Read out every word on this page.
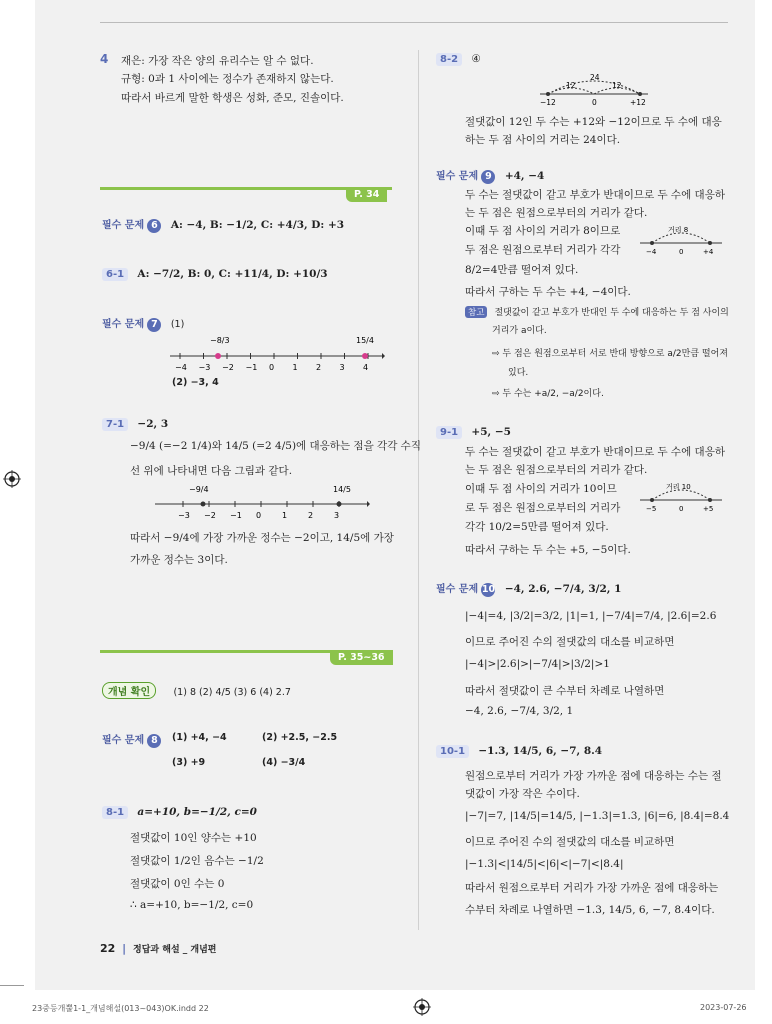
4 재은: 가장 작은 양의 유리수는 알 수 없다.
규형: 0과 1 사이에는 정수가 존재하지 않는다.
따라서 바르게 말한 학생은 성화, 준모, 진솔이다.
P. 34
필수 문제 6 A: −4, B: −1/2, C: +4/3, D: +3
6-1 A: −7/2, B: 0, C: +11/4, D: +10/3
필수 문제 7 (1)
−4 −3 −2 −1 0 1 2 3 4
−8/3	15/4
(2) −3, 4
7-1 −2, 3
−9/4 (=−2 1/4)와 14/5 (=2 4/5)에 대응하는 점을 각각 수직
선 위에 나타내면 다음 그림과 같다.
−3 −2 −1 0	1	2	3
−9/4	14/5
따라서 −9/4에 가장 가까운 정수는 −2이고, 14/5에 가장
가까운 정수는 3이다.
P. 35~36
개념 확인 (1) 8 (2) 4/5 (3) 6 (4) 2.7
필수 문제 8	(1) +4, −4	(2) +2.5, −2.5
(3) +9	(4) −3/4
8-1 a=+10, b=−1/2, c=0
절댓값이 10인 양수는 +10
절댓값이 1/2인 음수는 −1/2
절댓값이 0인 수는 0
∴ a=+10, b=−1/2, c=0
8-2 ④
24
12	12
−12	0	+12
절댓값이 12인 두 수는 +12와 −12이므로 두 수에 대응
하는 두 점 사이의 거리는 24이다.
필수 문제 9 +4, −4
두 수는 절댓값이 같고 부호가 반대이므로 두 수에 대응하
는 두 점은 원점으로부터의 거리가 같다.
이때 두 점 사이의 거리가 8이므로
두 점은 원점으로부터 거리가 각각
8/2=4만큼 떨어져 있다.
따라서 구하는 두 수는 +4, −4이다.
거리 8
−4	0	+4
참고 절댓값이 같고 부호가 반대인 두 수에 대응하는 두 점 사이의
거리가 a이다.
⇨ 두 점은 원점으로부터 서로 반대 방향으로 a/2만큼 떨어져
있다.
⇨ 두 수는 +a/2, −a/2이다.
9-1 +5, −5
두 수는 절댓값이 같고 부호가 반대이므로 두 수에 대응하
는 두 점은 원점으로부터의 거리가 같다.
이때 두 점 사이의 거리가 10이므
로 두 점은 원점으로부터의 거리가
각각 10/2=5만큼 떨어져 있다.
따라서 구하는 두 수는 +5, −5이다.
거리 10
−5	0	+5
필수 문제 10 −4, 2.6, −7/4, 3/2, 1
|−4|=4, |3/2|=3/2, |1|=1, |−7/4|=7/4, |2.6|=2.6
이므로 주어진 수의 절댓값의 대소를 비교하면
|−4|>|2.6|>|−7/4|>|3/2|>1
따라서 절댓값이 큰 수부터 차례로 나열하면
−4, 2.6, −7/4, 3/2, 1
10-1 −1.3, 14/5, 6, −7, 8.4
원점으로부터 거리가 가장 가까운 점에 대응하는 수는 절
댓값이 가장 작은 수이다.
|−7|=7, |14/5|=14/5, |−1.3|=1.3, |6|=6, |8.4|=8.4
이므로 주어진 수의 절댓값의 대소를 비교하면
|−1.3|<|14/5|<|6|<|−7|<|8.4|
따라서 원점으로부터 거리가 가장 가까운 점에 대응하는
수부터 차례로 나열하면 −1.3, 14/5, 6, −7, 8.4이다.
22 | 정답과 해설 _ 개념편
23중등개뿔1-1_개념해설(013~043)OK.indd 22	2023-07-26
